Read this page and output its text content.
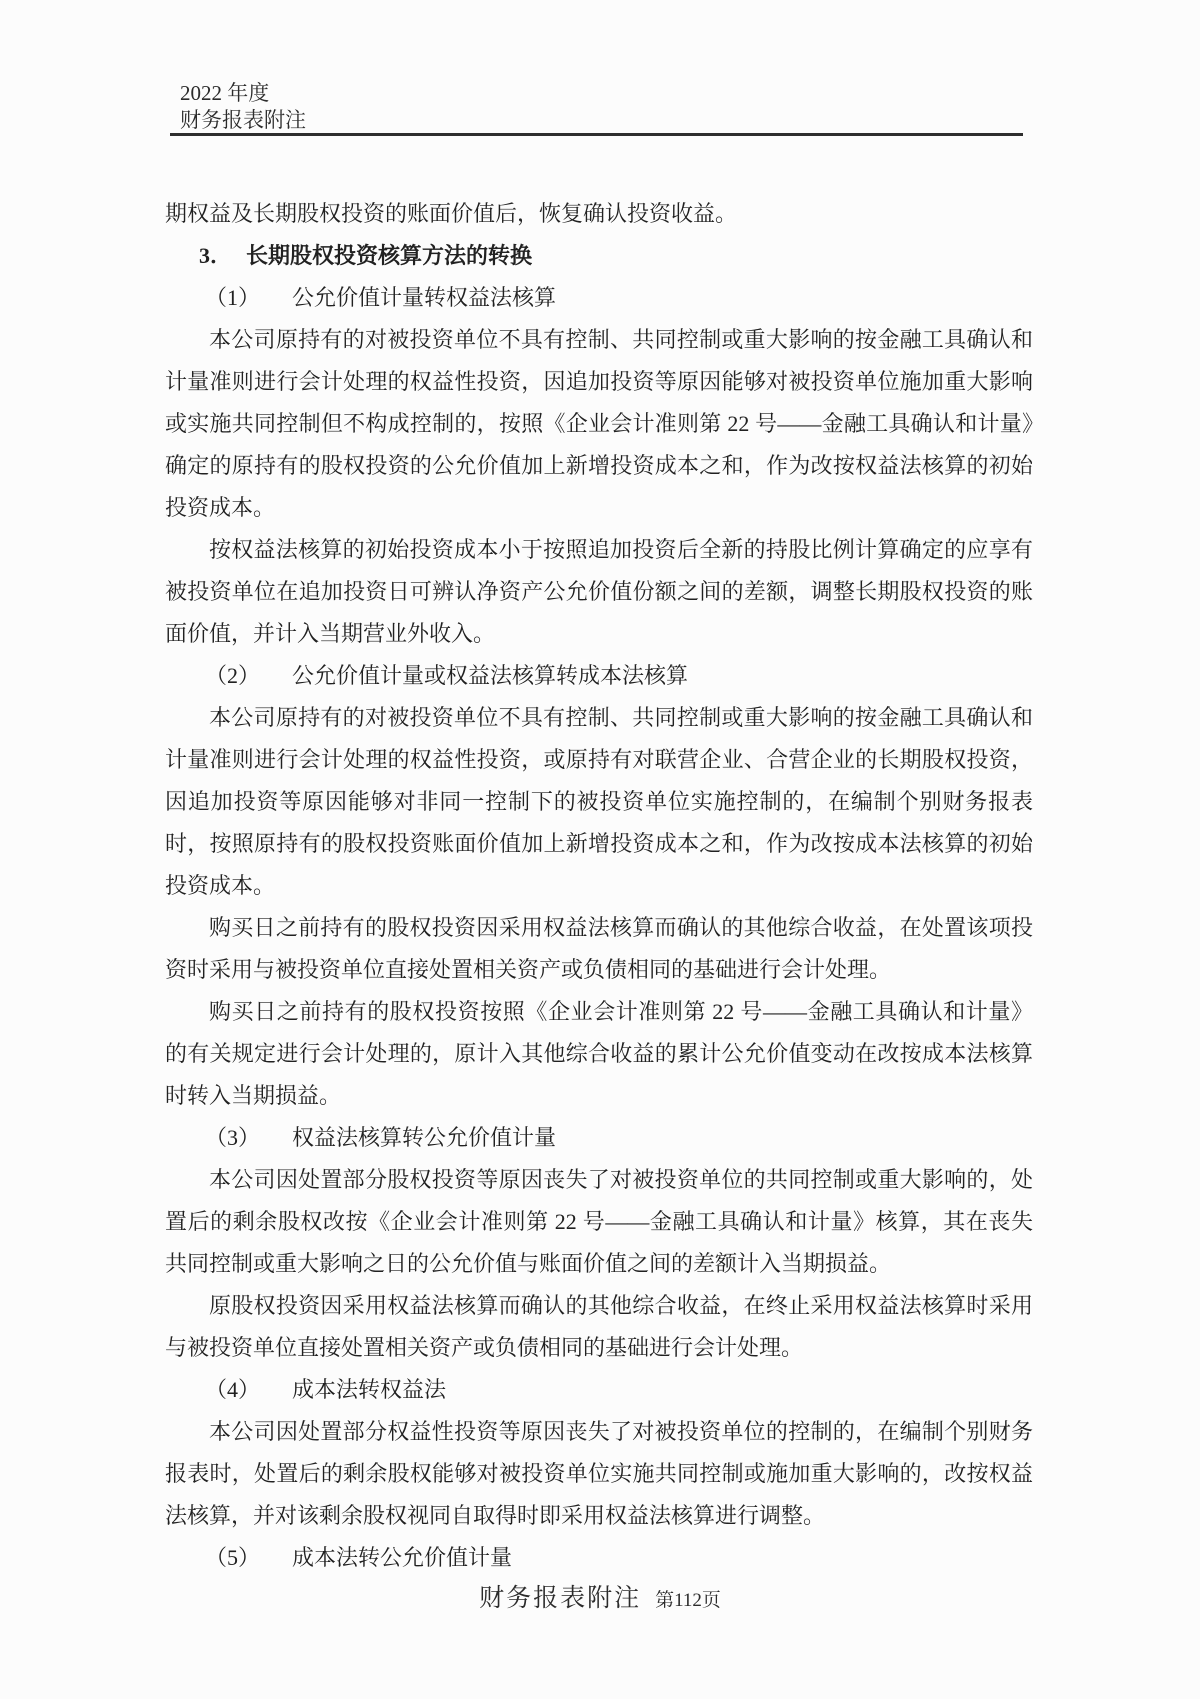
2022 年度
财务报表附注

期权益及长期股权投资的账面价值后，恢复确认投资收益。

3． 长期股权投资核算方法的转换

（1） 公允价值计量转权益法核算

本公司原持有的对被投资单位不具有控制、共同控制或重大影响的按金融工具确认和计量准则进行会计处理的权益性投资，因追加投资等原因能够对被投资单位施加重大影响或实施共同控制但不构成控制的，按照《企业会计准则第 22 号——金融工具确认和计量》确定的原持有的股权投资的公允价值加上新增投资成本之和，作为改按权益法核算的初始投资成本。

按权益法核算的初始投资成本小于按照追加投资后全新的持股比例计算确定的应享有被投资单位在追加投资日可辨认净资产公允价值份额之间的差额，调整长期股权投资的账面价值，并计入当期营业外收入。

（2） 公允价值计量或权益法核算转成本法核算

本公司原持有的对被投资单位不具有控制、共同控制或重大影响的按金融工具确认和计量准则进行会计处理的权益性投资，或原持有对联营企业、合营企业的长期股权投资，因追加投资等原因能够对非同一控制下的被投资单位实施控制的，在编制个别财务报表时，按照原持有的股权投资账面价值加上新增投资成本之和，作为改按成本法核算的初始投资成本。

购买日之前持有的股权投资因采用权益法核算而确认的其他综合收益，在处置该项投资时采用与被投资单位直接处置相关资产或负债相同的基础进行会计处理。

购买日之前持有的股权投资按照《企业会计准则第 22 号——金融工具确认和计量》的有关规定进行会计处理的，原计入其他综合收益的累计公允价值变动在改按成本法核算时转入当期损益。

（3） 权益法核算转公允价值计量

本公司因处置部分股权投资等原因丧失了对被投资单位的共同控制或重大影响的，处置后的剩余股权改按《企业会计准则第 22 号——金融工具确认和计量》核算，其在丧失共同控制或重大影响之日的公允价值与账面价值之间的差额计入当期损益。

原股权投资因采用权益法核算而确认的其他综合收益，在终止采用权益法核算时采用与被投资单位直接处置相关资产或负债相同的基础进行会计处理。

（4） 成本法转权益法

本公司因处置部分权益性投资等原因丧失了对被投资单位的控制的，在编制个别财务报表时，处置后的剩余股权能够对被投资单位实施共同控制或施加重大影响的，改按权益法核算，并对该剩余股权视同自取得时即采用权益法核算进行调整。

（5） 成本法转公允价值计量

财务报表附注 第112页
